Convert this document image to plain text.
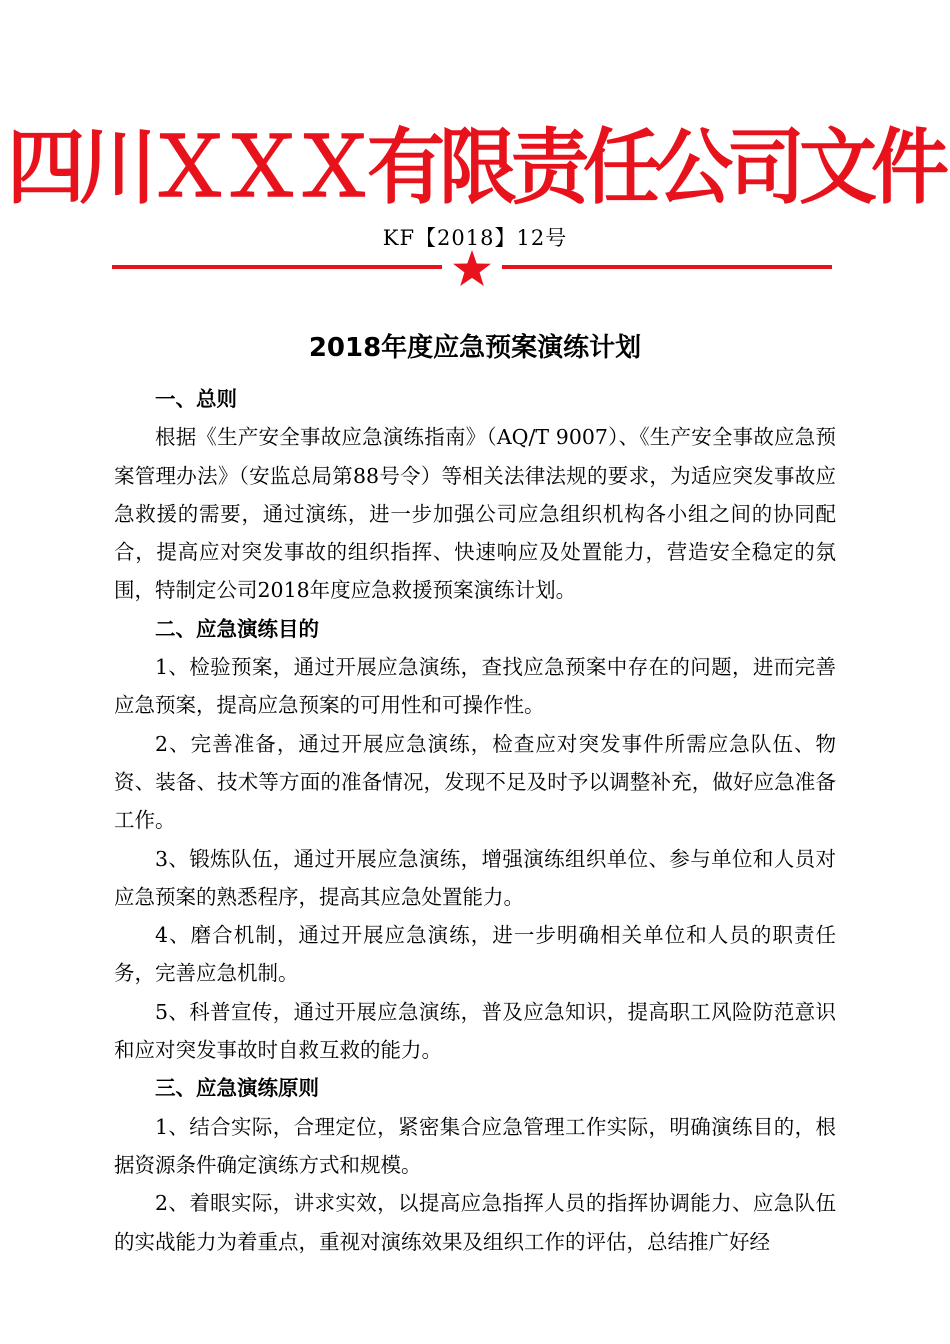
四川ＸＸＸ有限责任公司文件
KF【2018】12号
2018年度应急预案演练计划
一、总则

根据《生产安全事故应急演练指南》（AQ/T 9007）、《生产安全事故应急预案管理办法》（安监总局第88号令）等相关法律法规的要求，为适应突发事故应急救援的需要，通过演练，进一步加强公司应急组织机构各小组之间的协同配合，提高应对突发事故的组织指挥、快速响应及处置能力，营造安全稳定的氛围，特制定公司2018年度应急救援预案演练计划。

二、应急演练目的

1、检验预案，通过开展应急演练，查找应急预案中存在的问题，进而完善应急预案，提高应急预案的可用性和可操作性。

2、完善准备，通过开展应急演练，检查应对突发事件所需应急队伍、物资、装备、技术等方面的准备情况，发现不足及时予以调整补充，做好应急准备工作。

3、锻炼队伍，通过开展应急演练，增强演练组织单位、参与单位和人员对应急预案的熟悉程序，提高其应急处置能力。

4、磨合机制，通过开展应急演练，进一步明确相关单位和人员的职责任务，完善应急机制。

5、科普宣传，通过开展应急演练，普及应急知识，提高职工风险防范意识和应对突发事故时自救互救的能力。

三、应急演练原则

1、结合实际，合理定位，紧密集合应急管理工作实际，明确演练目的，根据资源条件确定演练方式和规模。

2、着眼实际，讲求实效，以提高应急指挥人员的指挥协调能力、应急队伍的实战能力为着重点，重视对演练效果及组织工作的评估，总结推广好经
